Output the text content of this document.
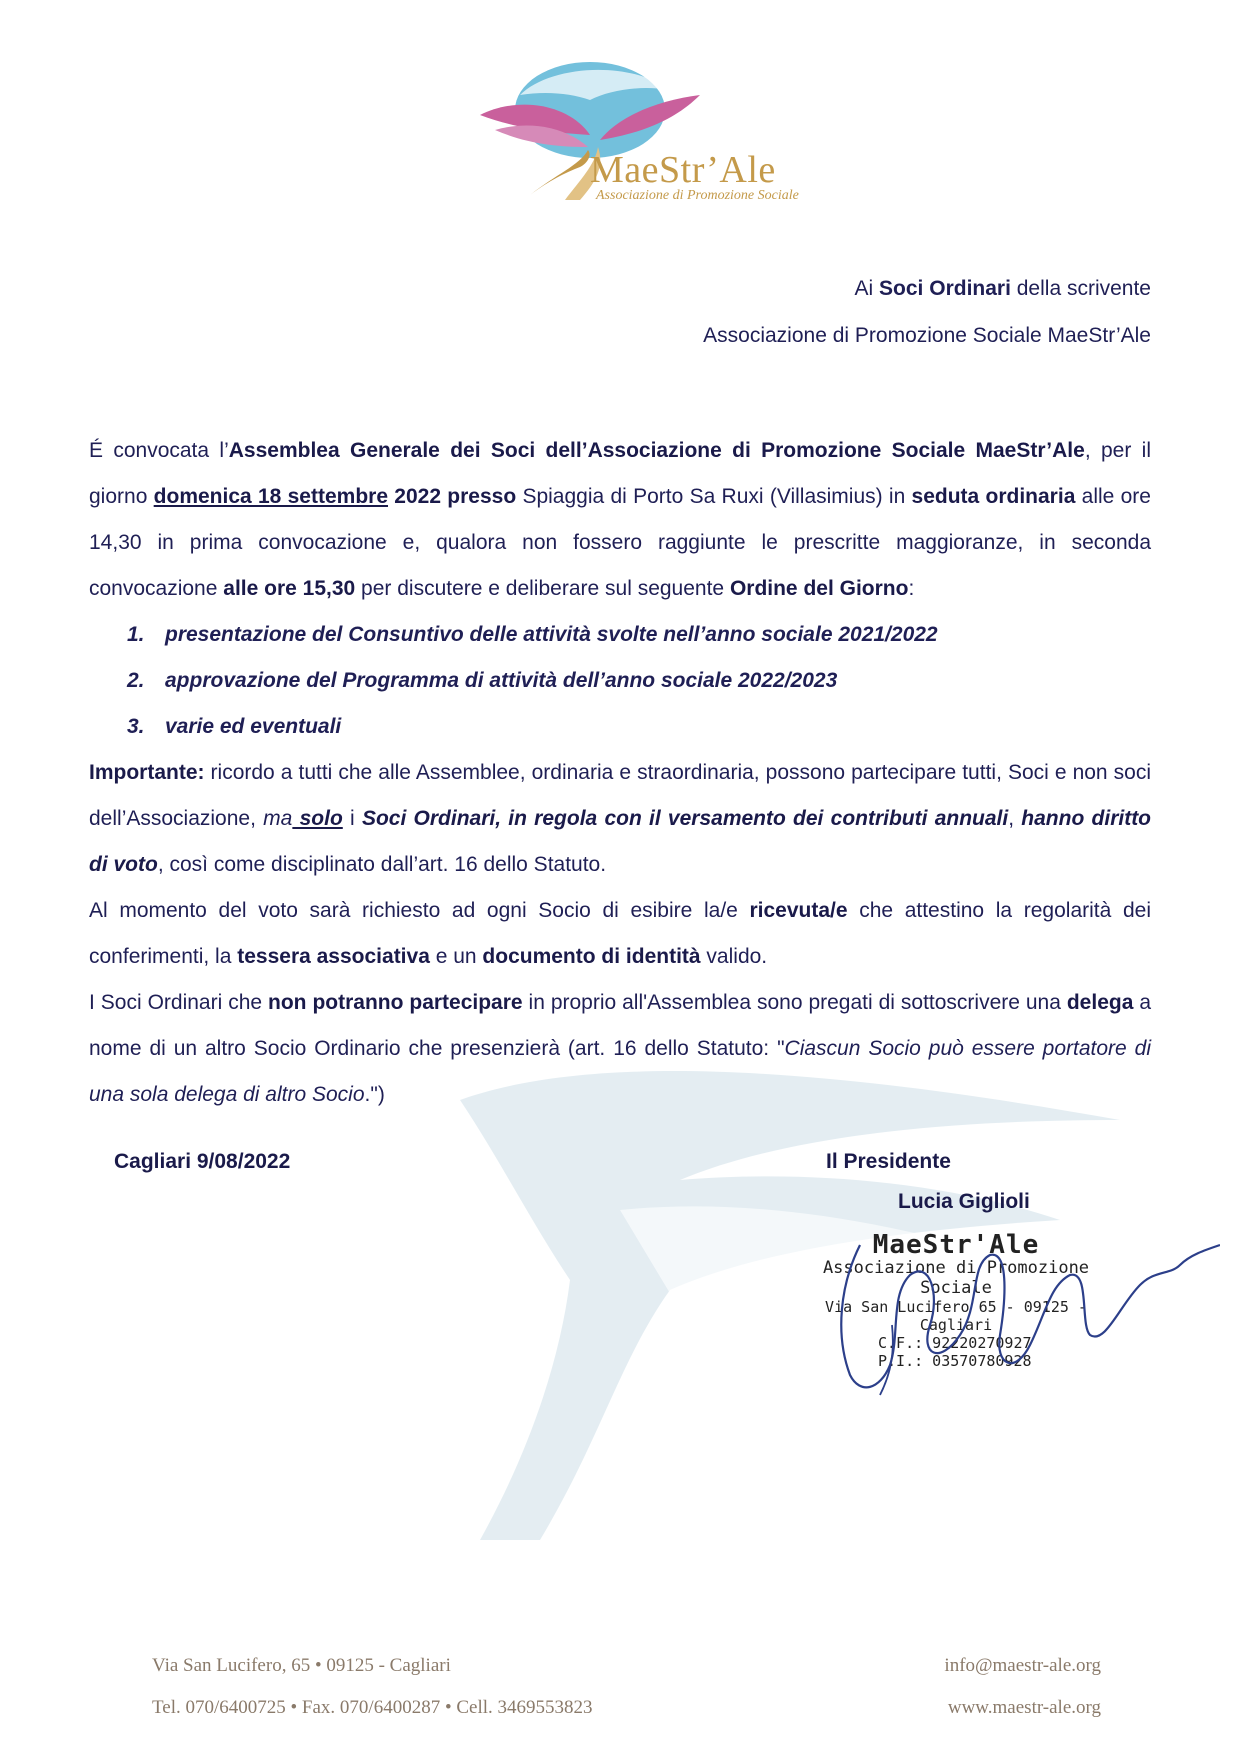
MaeStr’Ale
Associazione di Promozione Sociale
Ai Soci Ordinari della scrivente
Associazione di Promozione Sociale MaeStr’Ale

É convocata l’Assemblea Generale dei Soci dell’Associazione di Promozione Sociale MaeStr’Ale, per il giorno domenica 18 settembre 2022 presso Spiaggia di Porto Sa Ruxi (Villasimius) in seduta ordinaria alle ore 14,30 in prima convocazione e, qualora non fossero raggiunte le prescritte maggioranze, in seconda convocazione alle ore 15,30 per discutere e deliberare sul seguente Ordine del Giorno:

1. presentazione del Consuntivo delle attività svolte nell’anno sociale 2021/2022
2. approvazione del Programma di attività dell’anno sociale 2022/2023
3. varie ed eventuali

Importante: ricordo a tutti che alle Assemblee, ordinaria e straordinaria, possono partecipare tutti, Soci e non soci dell’Associazione, ma solo i Soci Ordinari, in regola con il versamento dei contributi annuali, hanno diritto di voto, così come disciplinato dall’art. 16 dello Statuto.

Al momento del voto sarà richiesto ad ogni Socio di esibire la/e ricevuta/e che attestino la regolarità dei conferimenti, la tessera associativa e un documento di identità valido.

I Soci Ordinari che non potranno partecipare in proprio all'Assemblea sono pregati di sottoscrivere una delega a nome di un altro Socio Ordinario che presenzierà (art. 16 dello Statuto: "Ciascun Socio può essere portatore di una sola delega di altro Socio.")

Cagliari 9/08/2022	Il Presidente
Lucia Giglioli
MaeStr'Ale
Associazione di Promozione Sociale
Via San Lucifero 65 - 09125 - Cagliari
C.F.: 92220270927
P.I.: 03570780928
Via San Lucifero, 65 • 09125 - Cagliari
Tel. 070/6400725 • Fax. 070/6400287 • Cell. 3469553823
info@maestr-ale.org
www.maestr-ale.org
